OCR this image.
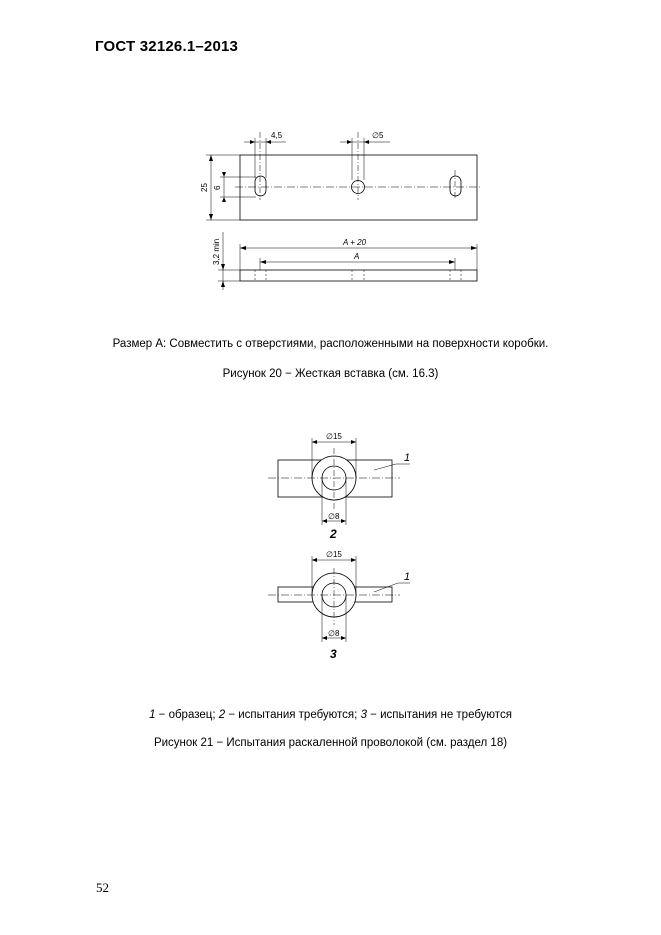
ГОСТ 32126.1–2013
4,5	∅5
25 6
3,2 min	A + 20
A
Размер A: Совместить с отверстиями, расположенными на поверхности коробки.
Рисунок 20 − Жесткая вставка (см. 16.3)
∅15
∅8
1
2
∅15
∅8
1
3
1 − образец; 2 − испытания требуются; 3 − испытания не требуются
Рисунок 21 − Испытания раскаленной проволокой (см. раздел 18)
52
